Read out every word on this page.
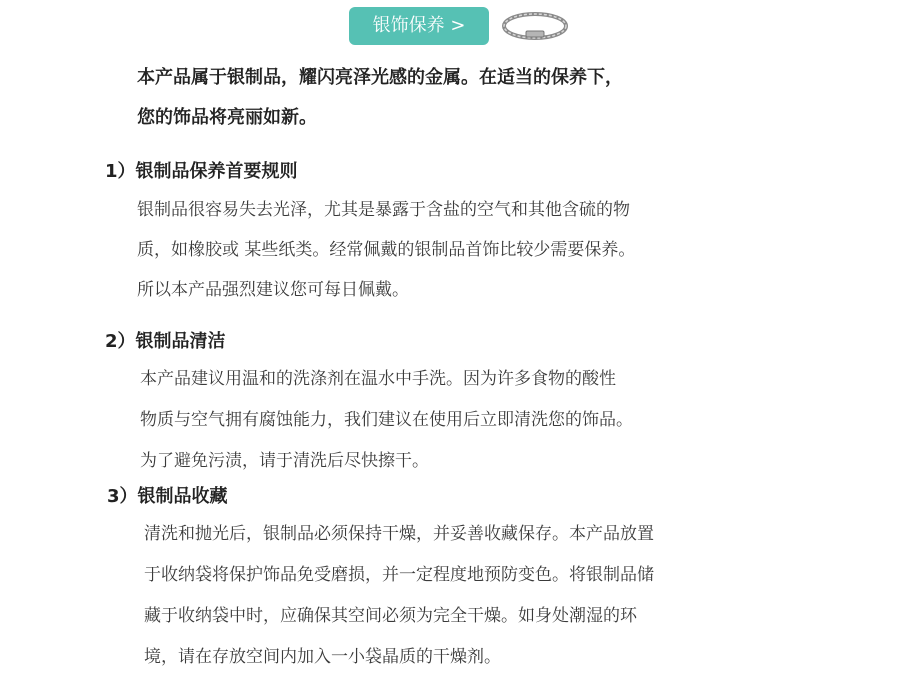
银饰保养 >
本产品属于银制品，耀闪亮泽光感的金属。在适当的保养下，
您的饰品将亮丽如新。
1）银制品保养首要规则
银制品很容易失去光泽，尤其是暴露于含盐的空气和其他含硫的物
质，如橡胶或 某些纸类。经常佩戴的银制品首饰比较少需要保养。
所以本产品强烈建议您可每日佩戴。
2）银制品清洁
本产品建议用温和的洗涤剂在温水中手洗。因为许多食物的酸性
物质与空气拥有腐蚀能力，我们建议在使用后立即清洗您的饰品。
为了避免污渍，请于清洗后尽快擦干。
3）银制品收藏
清洗和抛光后，银制品必须保持干燥，并妥善收藏保存。本产品放置
于收纳袋将保护饰品免受磨损，并一定程度地预防变色。将银制品储
藏于收纳袋中时，应确保其空间必须为完全干燥。如身处潮湿的环
境，请在存放空间内加入一小袋晶质的干燥剂。
